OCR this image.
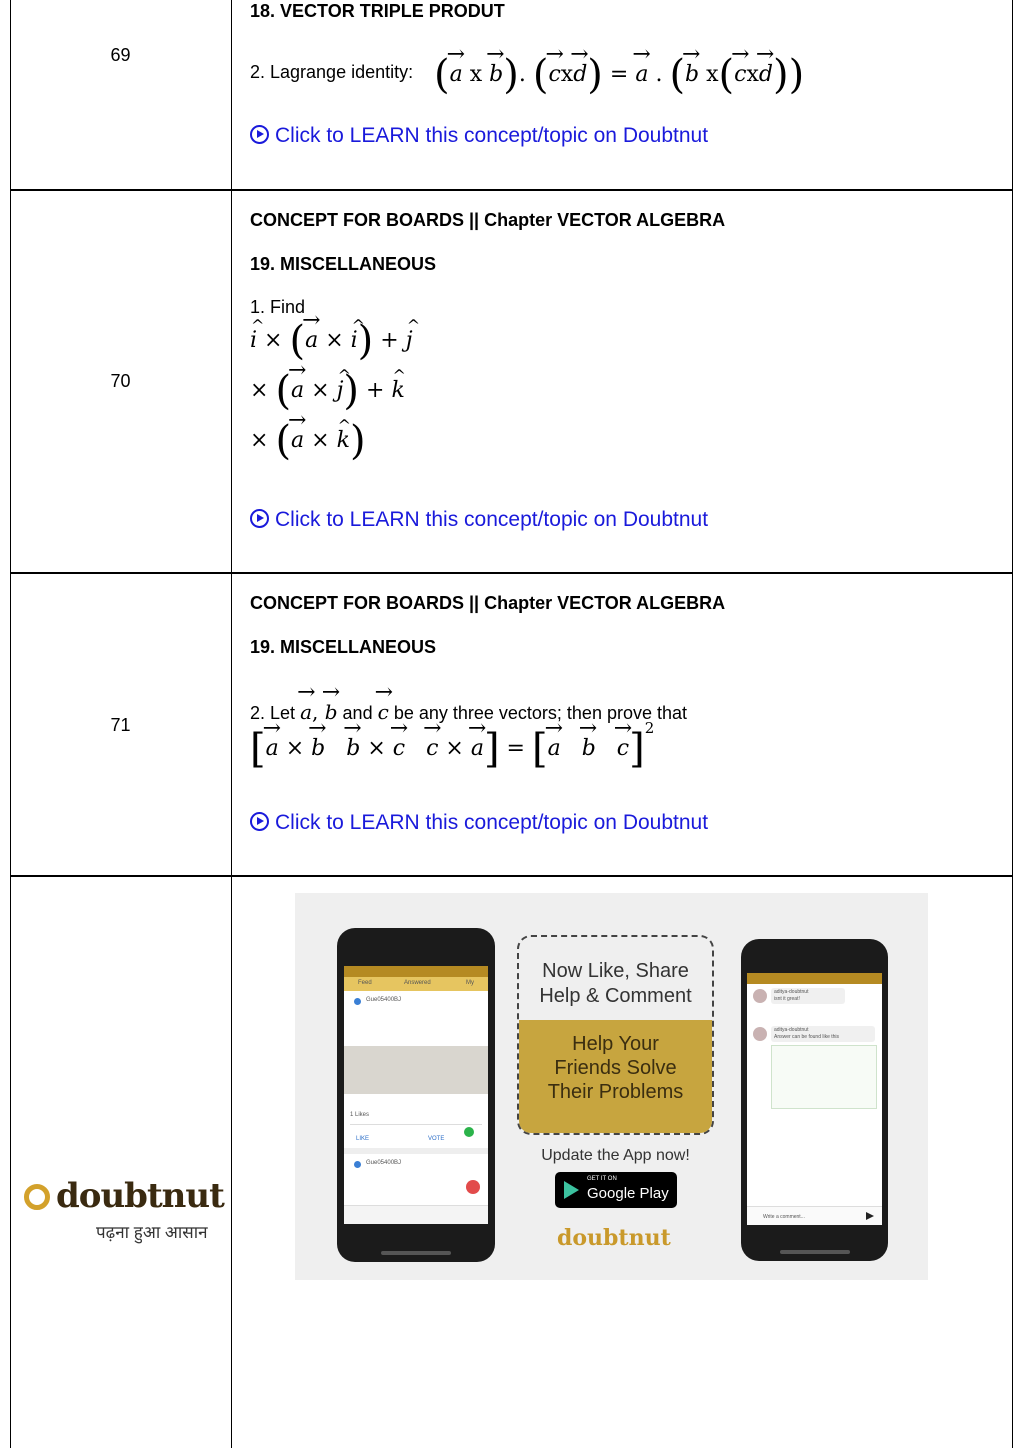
69
18. VECTOR TRIPLE PRODUT
2. Lagrange identity: (→ a x → b). (→ cx→ d) = → a . (→ b x(→ cx→ d))
Click to LEARN this concept/topic on Doubtnut
70
CONCEPT FOR BOARDS || Chapter VECTOR ALGEBRA
19. MISCELLANEOUS
1. Find
^ i × (→ a × ^ i) + ^ j
× (→ a × ^ j) + ^ k
× (→ a × ^ k)
Click to LEARN this concept/topic on Doubtnut
71
CONCEPT FOR BOARDS || Chapter VECTOR ALGEBRA
19. MISCELLANEOUS
2. Let → a, → b and → c be any three vectors; then prove that
[→ a × → b → b × → c → c × → a] = [→ a → b → c]$^2$
Click to LEARN this concept/topic on Doubtnut
doubtnut
पढ़ना हुआ आसान
Feed	Answered	My
Gue05400BJ
1 Likes
LIKE	VOTE
Gue05400BJ
Now Like, Share
Help & Comment
Help Your
Friends Solve
Their Problems
Update the App now!
GET IT ON
Google Play
doubtnut
aditya-doubtnut
isnt it great!
aditya-doubtnut
Answer can be found like this
Write a comment...
